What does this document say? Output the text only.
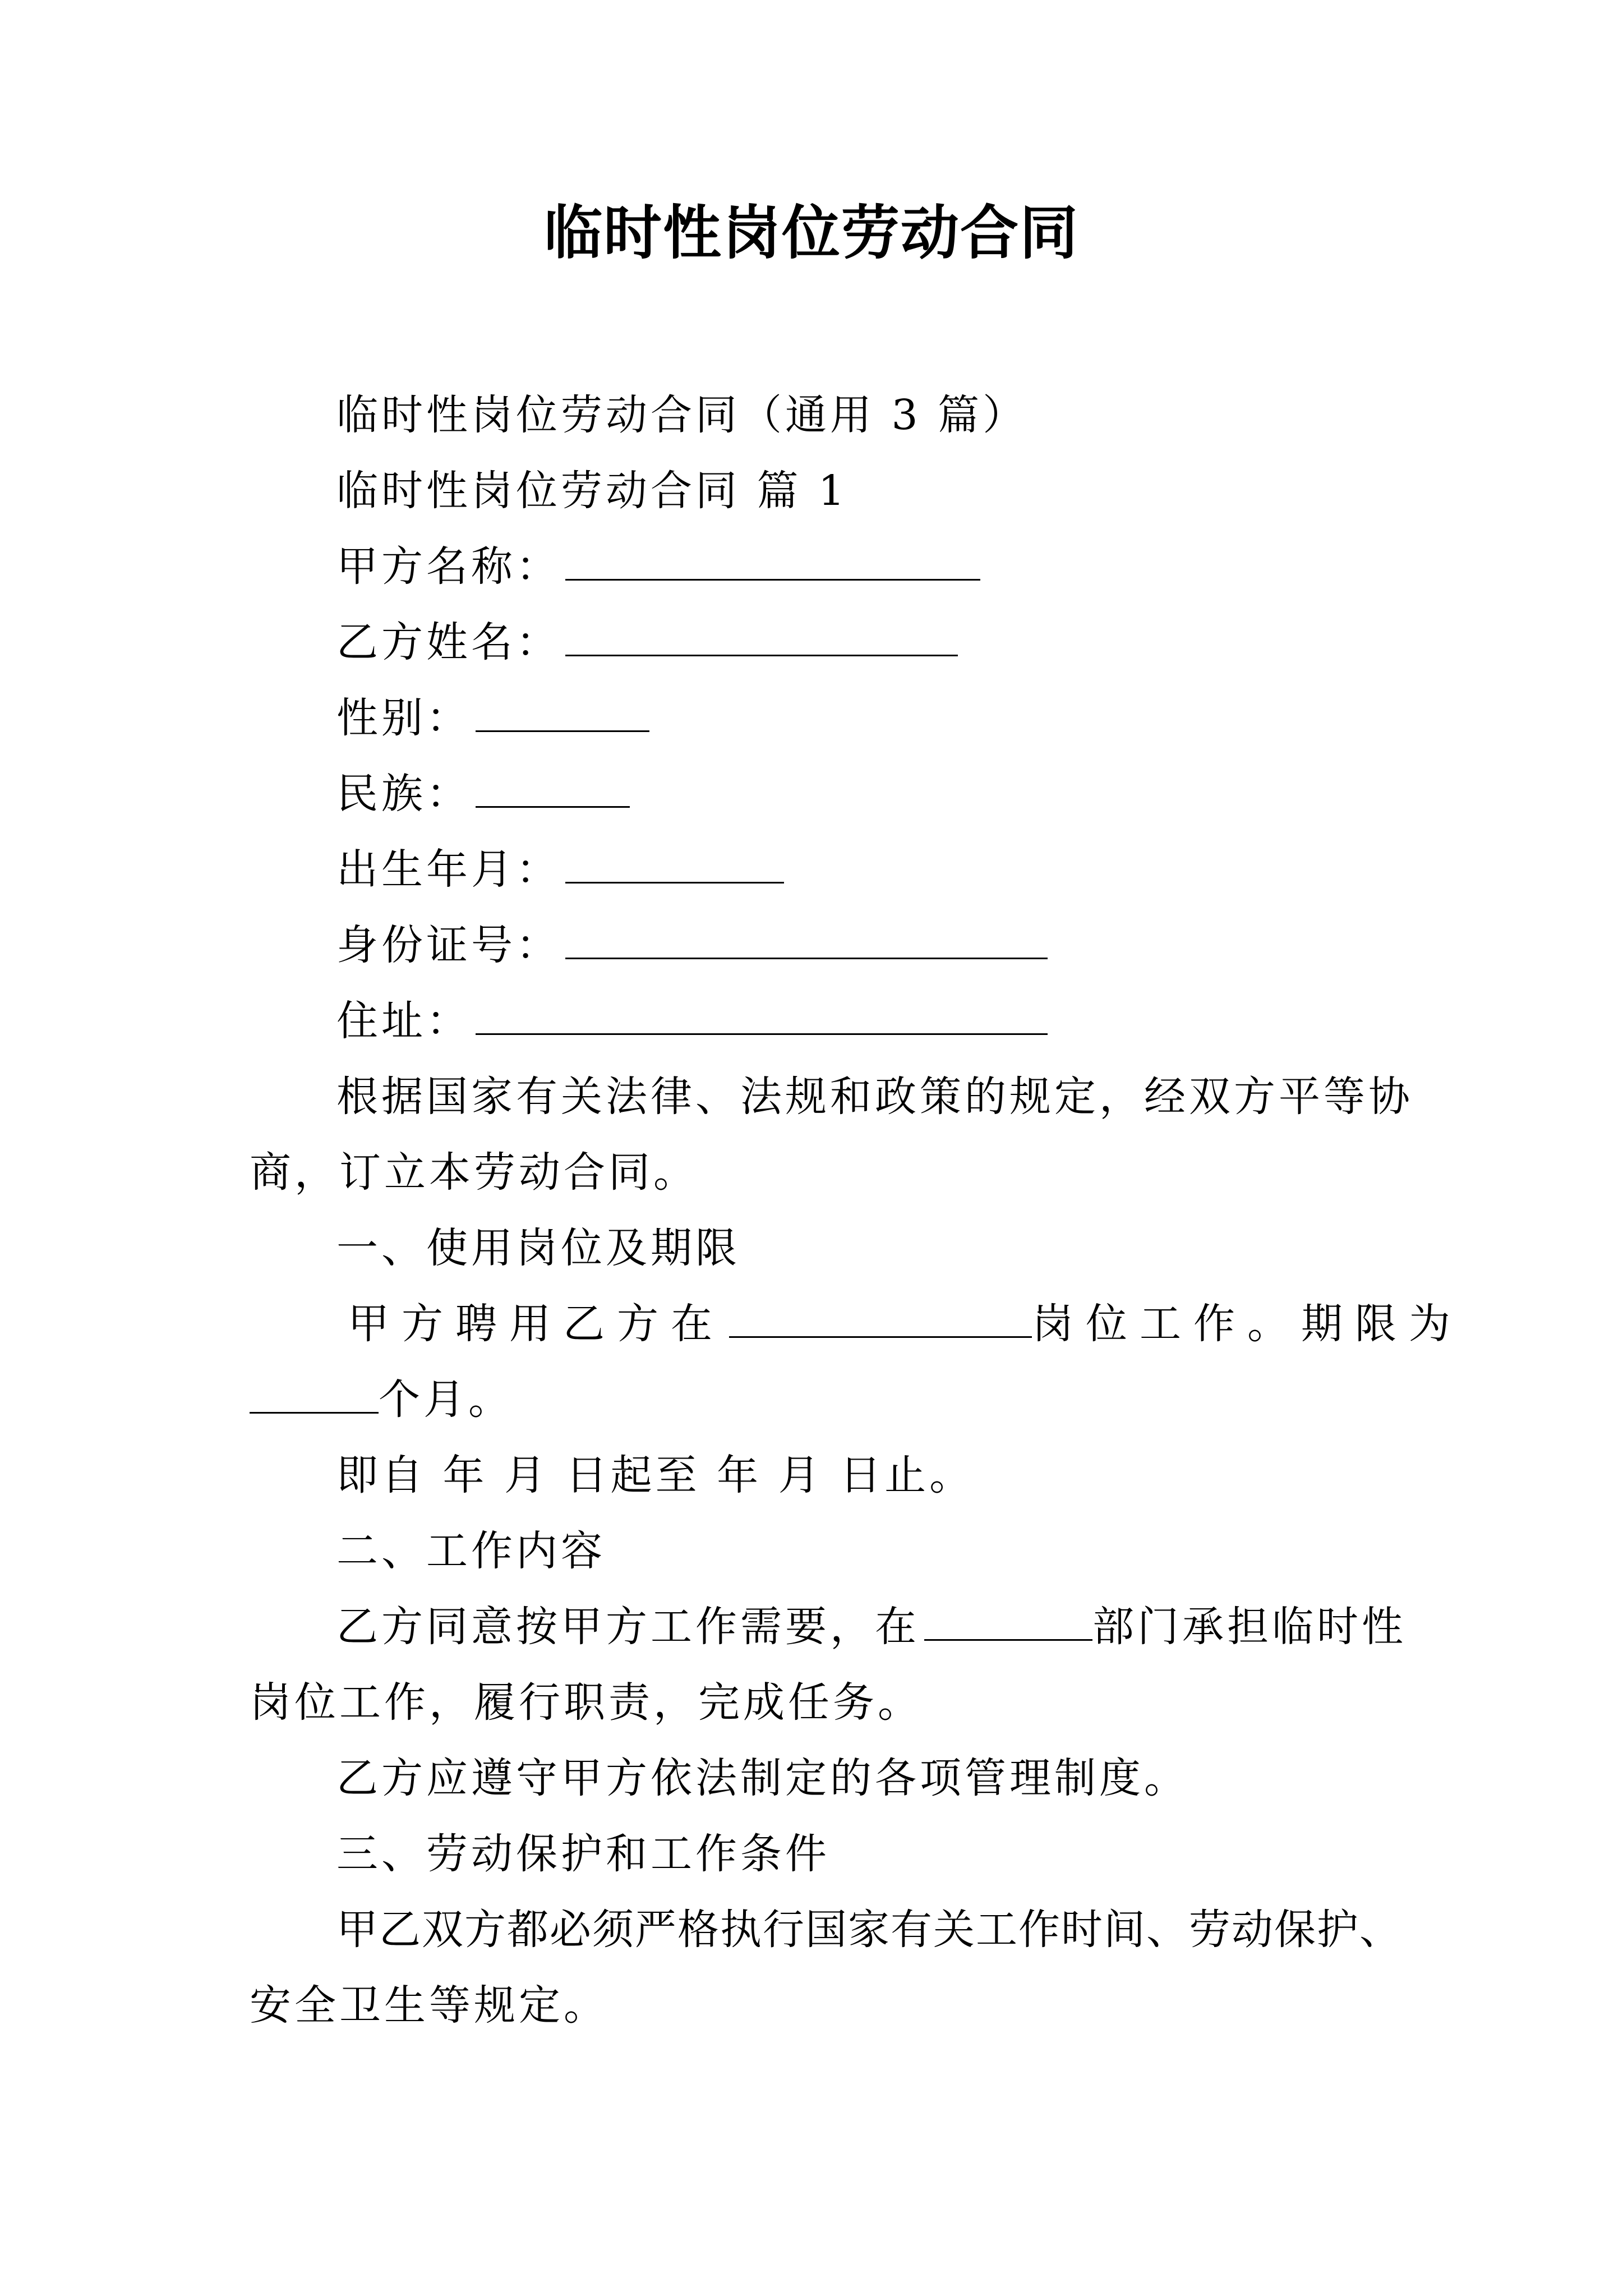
临时性岗位劳动合同
临时性岗位劳动合同（通用 3 篇）
临时性岗位劳动合同 篇 1
甲方名称：
乙方姓名：
性别：
民族：
出生年月：
身份证号：
住址：
根据国家有关法律、法规和政策的规定，经双方平等协
商，订立本劳动合同。
一、使用岗位及期限
甲方聘用乙方在	岗位工作。期限为
个月。
即自 年 月 日起至 年 月 日止。
二、工作内容
乙方同意按甲方工作需要，在	部门承担临时性
岗位工作，履行职责，完成任务。
乙方应遵守甲方依法制定的各项管理制度。
三、劳动保护和工作条件
甲乙双方都必须严格执行国家有关工作时间、劳动保护、
安全卫生等规定。
